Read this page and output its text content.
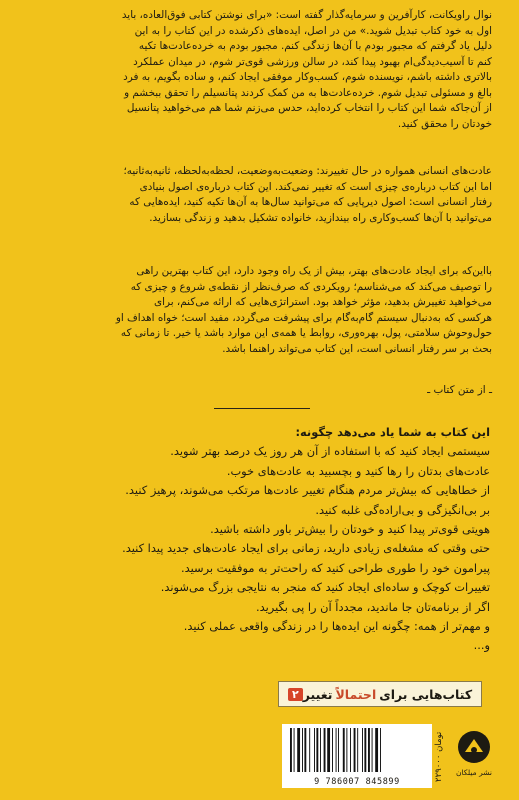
نوال راویکانت، کارآفرین و سرمایه‌گذار گفته است: «برای نوشتن کتابی فوق‌العاده، باید
اول به خود کتاب تبدیل شوید.» من در اصل، ایده‌های ذکرشده در این کتاب را به این
دلیل یاد گرفتم که مجبور بودم با آن‌ها زندگی کنم. مجبور بودم به خرده‌عادت‌ها تکیه
کنم تا آسیب‌دیدگی‌ام بهبود پیدا کند، در سالن ورزشی قوی‌تر شوم، در میدان عملکرد
بالاتری داشته باشم، نویسنده شوم، کسب‌وکار موفقی ایجاد کنم، و ساده بگویم، به فرد
بالغ و مسئولی تبدیل شوم. خرده‌عادت‌ها به من کمک کردند پتانسیلم را تحقق ببخشم و
از آن‌جاکه شما این کتاب را انتخاب کرده‌اید، حدس می‌زنم شما هم می‌خواهید پتانسیل
خودتان را محقق کنید.
عادت‌های انسانی همواره در حال تغییرند: وضعیت‌به‌وضعیت، لحظه‌به‌لحظه، ثانیه‌به‌ثانیه؛
اما این کتاب درباره‌ی چیزی است که تغییر نمی‌کند. این کتاب درباره‌ی اصول بنیادی
رفتار انسانی است: اصول دیرپایی که می‌توانید سال‌ها به آن‌ها تکیه کنید، ایده‌هایی که
می‌توانید با آن‌ها کسب‌وکاری راه بیندازید، خانواده تشکیل بدهید و زندگی بسازید.
بااین‌که برای ایجاد عادت‌های بهتر، بیش از یک راه وجود دارد، این کتاب بهترین راهی
را توصیف می‌کند که می‌شناسم؛ رویکردی که صرف‌نظر از نقطه‌ی شروع و چیزی که
می‌خواهید تغییرش بدهید، مؤثر خواهد بود. استراتژی‌هایی که ارائه می‌کنم، برای
هرکسی که به‌دنبال سیستم گام‌به‌گام برای پیشرفت می‌گردد، مفید است؛ خواه اهداف او
حول‌وحوش سلامتی، پول، بهره‌وری، روابط یا همه‌ی این موارد باشد یا خیر. تا زمانی که
بحث بر سر رفتار انسانی است، این کتاب می‌تواند راهنما باشد.
ـ از متن کتاب ـ
این کتاب به شما یاد می‌دهد چگونه:
سیستمی ایجاد کنید که با استفاده از آن هر روز یک درصد بهتر شوید.
عادت‌های بدتان را رها کنید و بچسبید به عادت‌های خوب.
از خطاهایی که بیش‌تر مردم هنگام تغییر عادت‌ها مرتکب می‌شوند، پرهیز کنید.
بر بی‌انگیزگی و بی‌اراده‌گی غلبه کنید.
هویتی قوی‌تر پیدا کنید و خودتان را بیش‌تر باور داشته باشید.
حتی وقتی که مشغله‌ی زیادی دارید، زمانی برای ایجاد عادت‌های جدید پیدا کنید.
پیرامون خود را طوری طراحی کنید که راحت‌تر به موفقیت برسید.
تغییرات کوچک و ساده‌ای ایجاد کنید که منجر به نتایجی بزرگ می‌شوند.
اگر از برنامه‌تان جا ماندید، مجدداً آن را پی بگیرید.
و مهم‌تر از همه: چگونه این ایده‌ها را در زندگی واقعی عملی کنید.
و...
کتاب‌هایی برای
احتمالاً
تغییر
۲
9 786007 845899	۲۲۹۰۰۰ تومان
نشر میلکان
